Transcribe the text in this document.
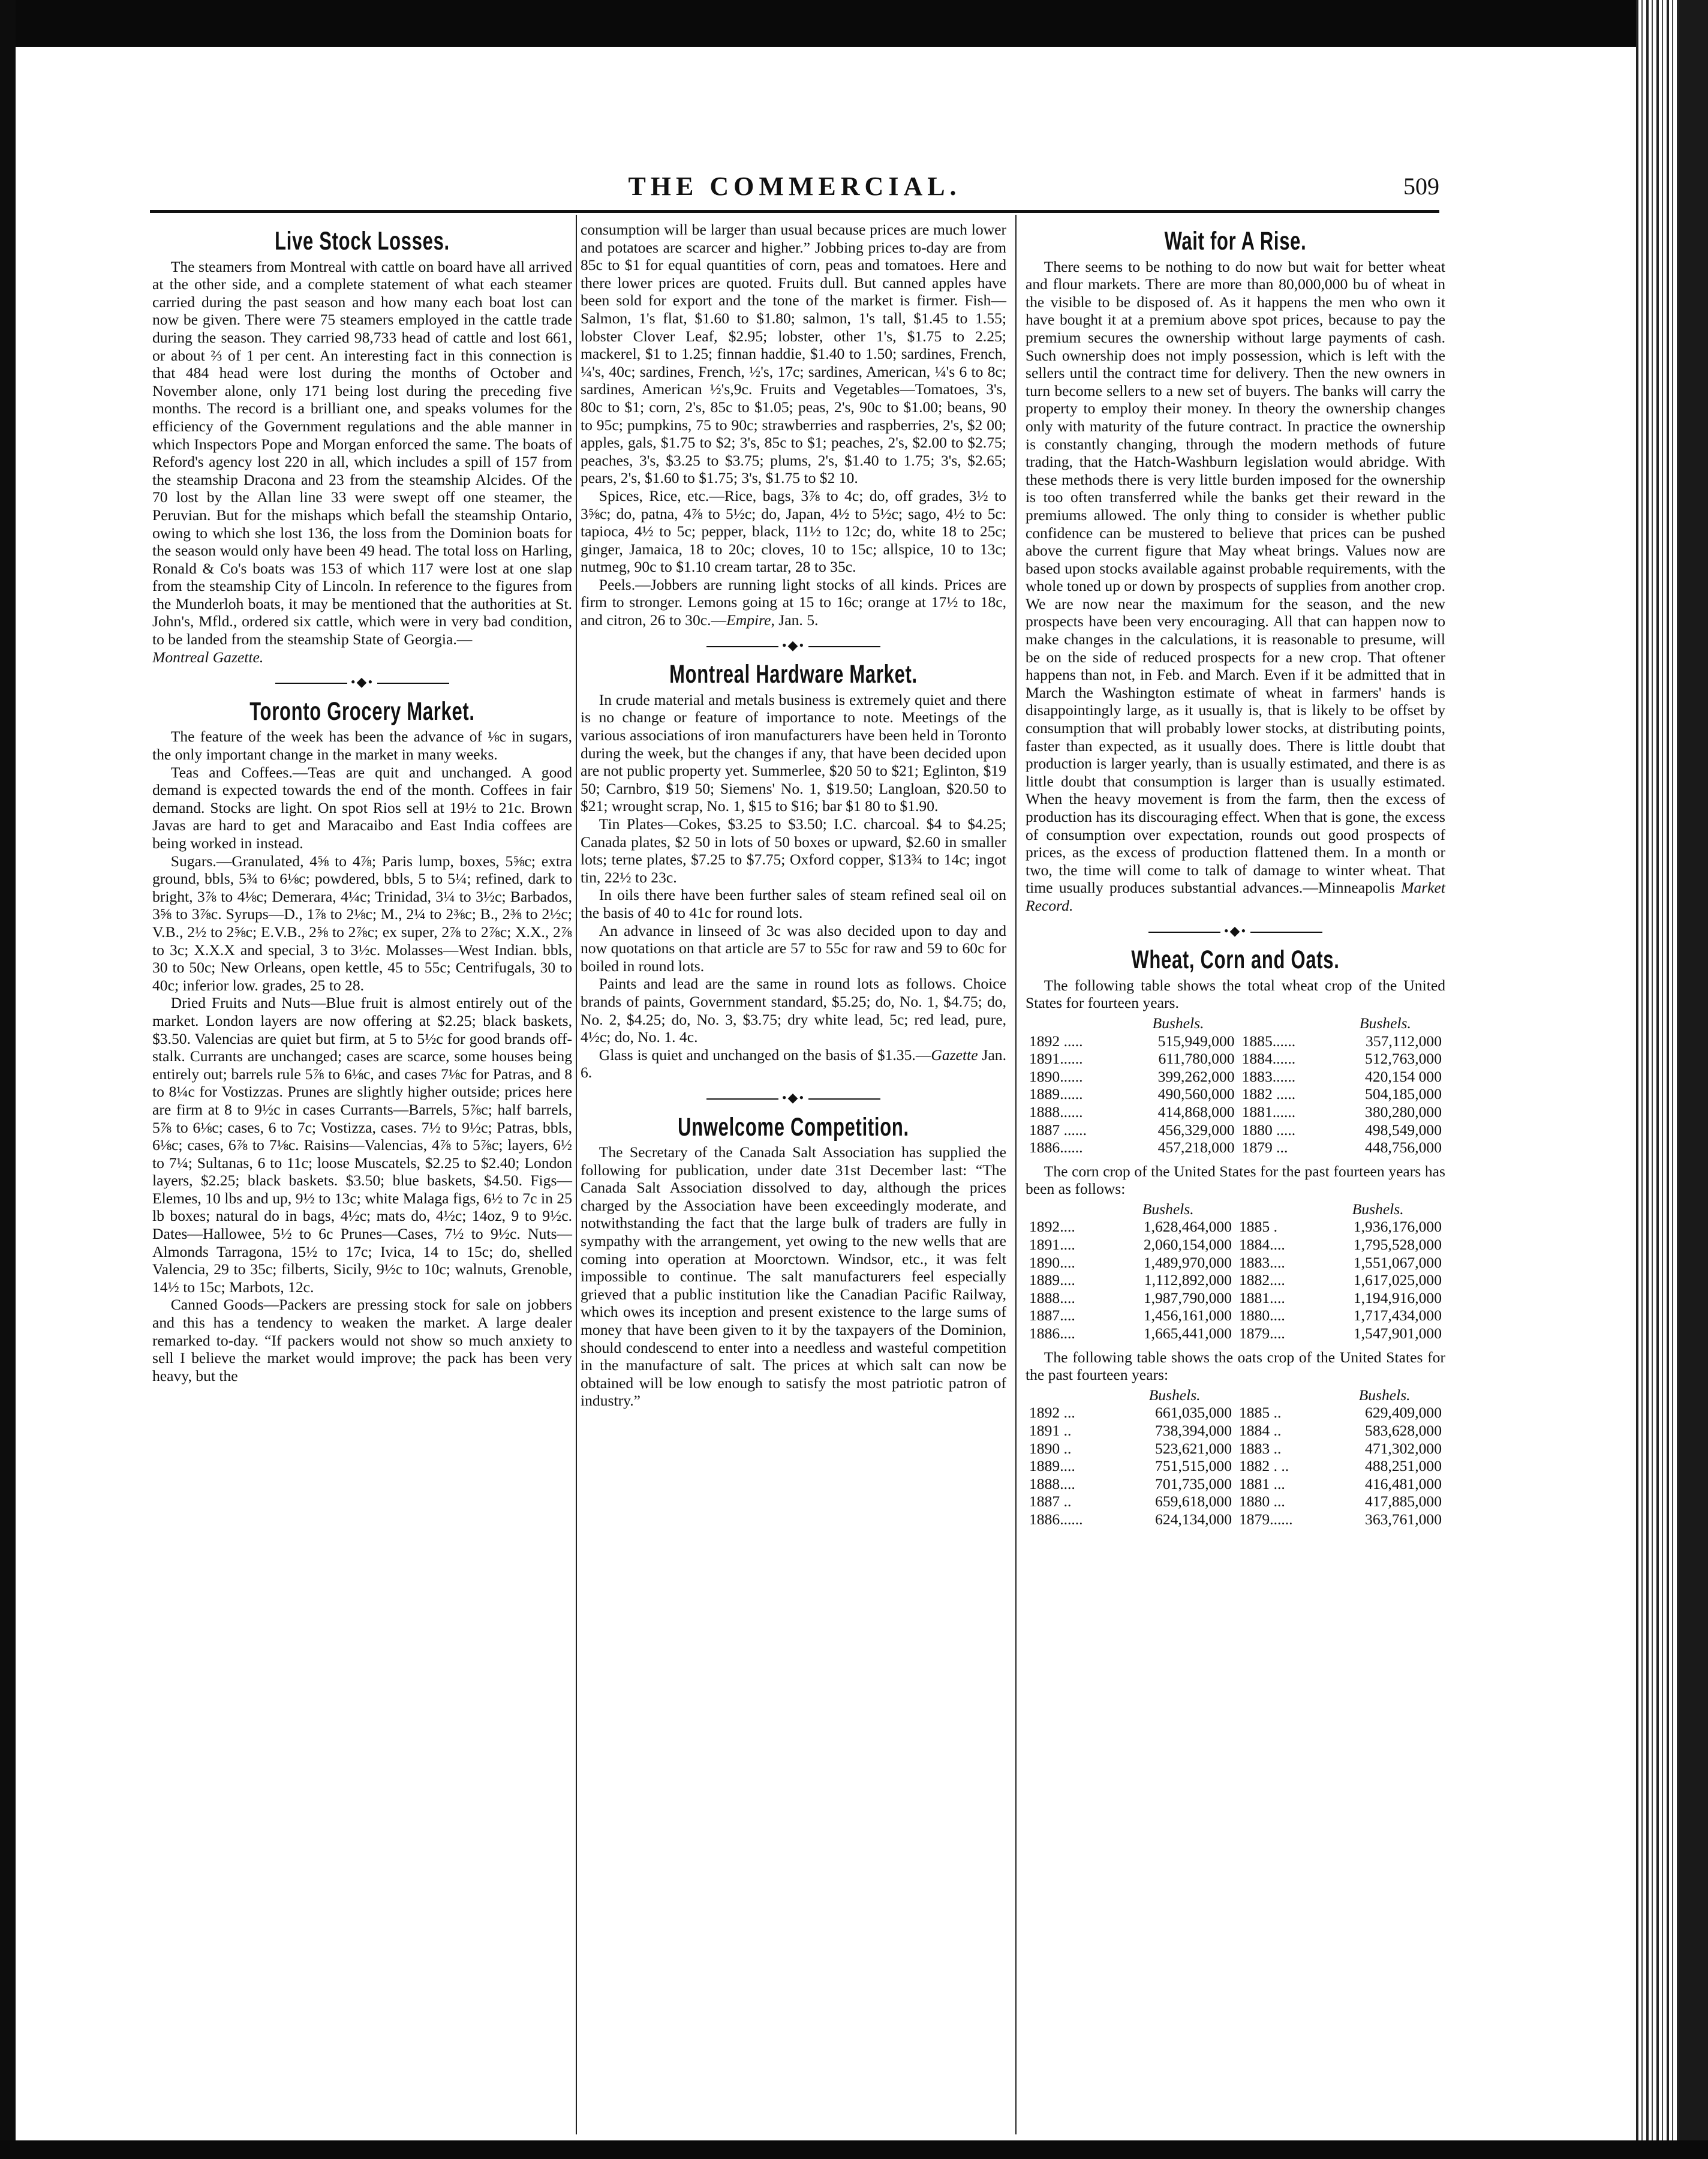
THE COMMERCIAL.	509
Live Stock Losses.

The steamers from Montreal with cattle on board have all arrived at the other side, and a complete statement of what each steamer carried during the past season and how many each boat lost can now be given. There were 75 steamers employed in the cattle trade during the season. They carried 98,733 head of cattle and lost 661, or about ⅔ of 1 per cent. An interesting fact in this connection is that 484 head were lost during the months of October and November alone, only 171 being lost during the preceding five months. The record is a brilliant one, and speaks volumes for the efficiency of the Government regulations and the able manner in which Inspectors Pope and Morgan enforced the same. The boats of Reford's agency lost 220 in all, which includes a spill of 157 from the steamship Dracona and 23 from the steamship Alcides. Of the 70 lost by the Allan line 33 were swept off one steamer, the Peruvian. But for the mishaps which befall the steamship Ontario, owing to which she lost 136, the loss from the Dominion boats for the season would only have been 49 head. The total loss on Harling, Ronald & Co's boats was 153 of which 117 were lost at one slap from the steamship City of Lincoln. In reference to the figures from the Munderloh boats, it may be mentioned that the authorities at St. John's, Mfld., ordered six cattle, which were in very bad condition, to be landed from the steamship State of Georgia.—
Montreal Gazette.

•◆•
Toronto Grocery Market.

The feature of the week has been the advance of ⅛c in sugars, the only important change in the market in many weeks.

Teas and Coffees.—Teas are quit and unchanged. A good demand is expected towards the end of the month. Coffees in fair demand. Stocks are light. On spot Rios sell at 19½ to 21c. Brown Javas are hard to get and Maracaibo and East India coffees are being worked in instead.

Sugars.—Granulated, 4⅝ to 4⅞; Paris lump, boxes, 5⅝c; extra ground, bbls, 5¾ to 6⅛c; powdered, bbls, 5 to 5¼; refined, dark to bright, 3⅞ to 4⅛c; Demerara, 4¼c; Trinidad, 3¼ to 3½c; Barbados, 3⅝ to 3⅞c. Syrups—D., 1⅞ to 2⅛c; M., 2¼ to 2⅜c; B., 2⅜ to 2½c; V.B., 2½ to 2⅝c; E.V.B., 2⅝ to 2⅞c; ex super, 2⅞ to 2⅞c; X.X., 2⅞ to 3c; X.X.X and special, 3 to 3½c. Molasses—West Indian. bbls, 30 to 50c; New Orleans, open kettle, 45 to 55c; Centrifugals, 30 to 40c; inferior low. grades, 25 to 28.

Dried Fruits and Nuts—Blue fruit is almost entirely out of the market. London layers are now offering at $2.25; black baskets, $3.50. Valencias are quiet but firm, at 5 to 5½c for good brands off-stalk. Currants are unchanged; cases are scarce, some houses being entirely out; barrels rule 5⅞ to 6⅛c, and cases 7⅛c for Patras, and 8 to 8¼c for Vostizzas. Prunes are slightly higher outside; prices here are firm at 8 to 9½c in cases Currants—Barrels, 5⅞c; half barrels, 5⅞ to 6⅛c; cases, 6 to 7c; Vostizza, cases. 7½ to 9½c; Patras, bbls, 6⅛c; cases, 6⅞ to 7⅛c. Raisins—Valencias, 4⅞ to 5⅞c; layers, 6½ to 7¼; Sultanas, 6 to 11c; loose Muscatels, $2.25 to $2.40; London layers, $2.25; black baskets. $3.50; blue baskets, $4.50. Figs—Elemes, 10 lbs and up, 9½ to 13c; white Malaga figs, 6½ to 7c in 25 lb boxes; natural do in bags, 4½c; mats do, 4½c; 14oz, 9 to 9½c. Dates—Hallowee, 5½ to 6c Prunes—Cases, 7½ to 9½c. Nuts—Almonds Tarragona, 15½ to 17c; Ivica, 14 to 15c; do, shelled Valencia, 29 to 35c; filberts, Sicily, 9½c to 10c; walnuts, Grenoble, 14½ to 15c; Marbots, 12c.

Canned Goods—Packers are pressing stock for sale on jobbers and this has a tendency to weaken the market. A large dealer remarked to-day. “If packers would not show so much anxiety to sell I believe the market would improve; the pack has been very heavy, but the

consumption will be larger than usual because prices are much lower and potatoes are scarcer and higher.” Jobbing prices to-day are from 85c to $1 for equal quantities of corn, peas and tomatoes. Here and there lower prices are quoted. Fruits dull. But canned apples have been sold for export and the tone of the market is firmer. Fish—Salmon, 1's flat, $1.60 to $1.80; salmon, 1's tall, $1.45 to 1.55; lobster Clover Leaf, $2.95; lobster, other 1's, $1.75 to 2.25; mackerel, $1 to 1.25; finnan haddie, $1.40 to 1.50; sardines, French, ¼'s, 40c; sardines, French, ½'s, 17c; sardines, American, ¼'s 6 to 8c; sardines, American ½'s,9c. Fruits and Vegetables—Tomatoes, 3's, 80c to $1; corn, 2's, 85c to $1.05; peas, 2's, 90c to $1.00; beans, 90 to 95c; pumpkins, 75 to 90c; strawberries and raspberries, 2's, $2 00; apples, gals, $1.75 to $2; 3's, 85c to $1; peaches, 2's, $2.00 to $2.75; peaches, 3's, $3.25 to $3.75; plums, 2's, $1.40 to 1.75; 3's, $2.65; pears, 2's, $1.60 to $1.75; 3's, $1.75 to $2 10.

Spices, Rice, etc.—Rice, bags, 3⅞ to 4c; do, off grades, 3½ to 3⅝c; do, patna, 4⅞ to 5½c; do, Japan, 4½ to 5½c; sago, 4½ to 5c: tapioca, 4½ to 5c; pepper, black, 11½ to 12c; do, white 18 to 25c; ginger, Jamaica, 18 to 20c; cloves, 10 to 15c; allspice, 10 to 13c; nutmeg, 90c to $1.10 cream tartar, 28 to 35c.

Peels.—Jobbers are running light stocks of all kinds. Prices are firm to stronger. Lemons going at 15 to 16c; orange at 17½ to 18c, and citron, 26 to 30c.—Empire, Jan. 5.

•◆•
Montreal Hardware Market.

In crude material and metals business is extremely quiet and there is no change or feature of importance to note. Meetings of the various associations of iron manufacturers have been held in Toronto during the week, but the changes if any, that have been decided upon are not public property yet. Summerlee, $20 50 to $21; Eglinton, $19 50; Carnbro, $19 50; Siemens' No. 1, $19.50; Langloan, $20.50 to $21; wrought scrap, No. 1, $15 to $16; bar $1 80 to $1.90.

Tin Plates—Cokes, $3.25 to $3.50; I.C. charcoal. $4 to $4.25; Canada plates, $2 50 in lots of 50 boxes or upward, $2.60 in smaller lots; terne plates, $7.25 to $7.75; Oxford copper, $13¾ to 14c; ingot tin, 22½ to 23c.

In oils there have been further sales of steam refined seal oil on the basis of 40 to 41c for round lots.

An advance in linseed of 3c was also decided upon to day and now quotations on that article are 57 to 55c for raw and 59 to 60c for boiled in round lots.

Paints and lead are the same in round lots as follows. Choice brands of paints, Government standard, $5.25; do, No. 1, $4.75; do, No. 2, $4.25; do, No. 3, $3.75; dry white lead, 5c; red lead, pure, 4½c; do, No. 1. 4c.

Glass is quiet and unchanged on the basis of $1.35.—Gazette Jan. 6.

•◆•
Unwelcome Competition.

The Secretary of the Canada Salt Association has supplied the following for publication, under date 31st December last: “The Canada Salt Association dissolved to day, although the prices charged by the Association have been exceedingly moderate, and notwithstanding the fact that the large bulk of traders are fully in sympathy with the arrangement, yet owing to the new wells that are coming into operation at Moorctown. Windsor, etc., it was felt impossible to continue. The salt manufacturers feel especially grieved that a public institution like the Canadian Pacific Railway, which owes its inception and present existence to the large sums of money that have been given to it by the taxpayers of the Dominion, should condescend to enter into a needless and wasteful competition in the manufacture of salt. The prices at which salt can now be obtained will be low enough to satisfy the most patriotic patron of industry.”

Wait for A Rise.

There seems to be nothing to do now but wait for better wheat and flour markets. There are more than 80,000,000 bu of wheat in the visible to be disposed of. As it happens the men who own it have bought it at a premium above spot prices, because to pay the premium secures the ownership without large payments of cash. Such ownership does not imply possession, which is left with the sellers until the contract time for delivery. Then the new owners in turn become sellers to a new set of buyers. The banks will carry the property to employ their money. In theory the ownership changes only with maturity of the future contract. In practice the ownership is constantly changing, through the modern methods of future trading, that the Hatch-Washburn legislation would abridge. With these methods there is very little burden imposed for the ownership is too often transferred while the banks get their reward in the premiums allowed. The only thing to consider is whether public confidence can be mustered to believe that prices can be pushed above the current figure that May wheat brings. Values now are based upon stocks available against probable requirements, with the whole toned up or down by prospects of supplies from another crop. We are now near the maximum for the season, and the new prospects have been very encouraging. All that can happen now to make changes in the calculations, it is reasonable to presume, will be on the side of reduced prospects for a new crop. That oftener happens than not, in Feb. and March. Even if it be admitted that in March the Washington estimate of wheat in farmers' hands is disappointingly large, as it usually is, that is likely to be offset by consumption that will probably lower stocks, at distributing points, faster than expected, as it usually does. There is little doubt that production is larger yearly, than is usually estimated, and there is as little doubt that consumption is larger than is usually estimated. When the heavy movement is from the farm, then the excess of production has its discouraging effect. When that is gone, the excess of consumption over expectation, rounds out good prospects of prices, as the excess of production flattened them. In a month or two, the time will come to talk of damage to winter wheat. That time usually produces substantial advances.—Minneapolis Market Record.

•◆•
Wheat, Corn and Oats.

The following table shows the total wheat crop of the United States for fourteen years.

	Bushels.		Bushels.
1892 .....	515,949,000	1885......	357,112,000
1891......	611,780,000	1884......	512,763,000
1890......	399,262,000	1883......	420,154 000
1889......	490,560,000	1882 .....	504,185,000
1888......	414,868,000	1881......	380,280,000
1887 ......	456,329,000	1880 .....	498,549,000
1886......	457,218,000	1879 ...	448,756,000

The corn crop of the United States for the past fourteen years has been as follows:

	Bushels.		Bushels.
1892....	1,628,464,000	1885 .	1,936,176,000
1891....	2,060,154,000	1884....	1,795,528,000
1890....	1,489,970,000	1883....	1,551,067,000
1889....	1,112,892,000	1882....	1,617,025,000
1888....	1,987,790,000	1881....	1,194,916,000
1887....	1,456,161,000	1880....	1,717,434,000
1886....	1,665,441,000	1879....	1,547,901,000

The following table shows the oats crop of the United States for the past fourteen years:

	Bushels.		Bushels.
1892 ...	661,035,000	1885 ..	629,409,000
1891 ..	738,394,000	1884 ..	583,628,000
1890 ..	523,621,000	1883 ..	471,302,000
1889....	751,515,000	1882 . ..	488,251,000
1888....	701,735,000	1881 ...	416,481,000
1887 ..	659,618,000	1880 ...	417,885,000
1886......	624,134,000	1879......	363,761,000
